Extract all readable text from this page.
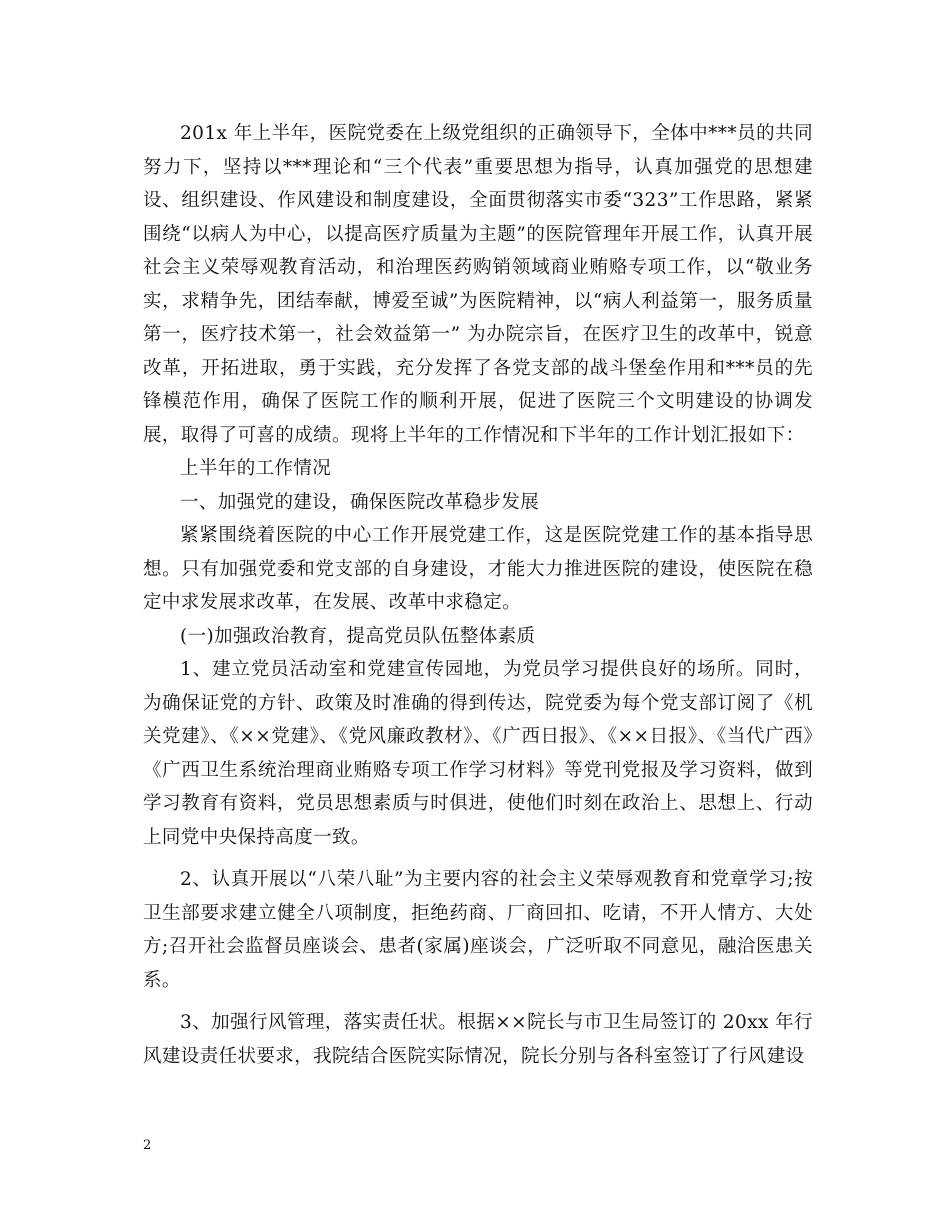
201x 年上半年，医院党委在上级党组织的正确领导下，全体中***员的共同努力下，坚持以***理论和“三个代表”重要思想为指导，认真加强党的思想建设、组织建设、作风建设和制度建设，全面贯彻落实市委“323”工作思路，紧紧围绕“以病人为中心，以提高医疗质量为主题”的医院管理年开展工作，认真开展社会主义荣辱观教育活动，和治理医药购销领域商业贿赂专项工作，以“敬业务实，求精争先，团结奉献，博爱至诚”为医院精神，以“病人利益第一，服务质量第一，医疗技术第一，社会效益第一” 为办院宗旨，在医疗卫生的改革中，锐意改革，开拓进取，勇于实践，充分发挥了各党支部的战斗堡垒作用和***员的先锋模范作用，确保了医院工作的顺利开展，促进了医院三个文明建设的协调发展，取得了可喜的成绩。现将上半年的工作情况和下半年的工作计划汇报如下：

上半年的工作情况

一、加强党的建设，确保医院改革稳步发展

紧紧围绕着医院的中心工作开展党建工作，这是医院党建工作的基本指导思想。只有加强党委和党支部的自身建设，才能大力推进医院的建设，使医院在稳定中求发展求改革，在发展、改革中求稳定。

(一)加强政治教育，提高党员队伍整体素质

1、建立党员活动室和党建宣传园地，为党员学习提供良好的场所。同时，为确保证党的方针、政策及时准确的得到传达，院党委为每个党支部订阅了《机关党建》、《××党建》、《党风廉政教材》、《广西日报》、《××日报》、《当代广西》《广西卫生系统治理商业贿赂专项工作学习材料》等党刊党报及学习资料，做到学习教育有资料，党员思想素质与时俱进，使他们时刻在政治上、思想上、行动上同党中央保持高度一致。

2、认真开展以“八荣八耻”为主要内容的社会主义荣辱观教育和党章学习;按卫生部要求建立健全八项制度，拒绝药商、厂商回扣、吃请，不开人情方、大处方;召开社会监督员座谈会、患者(家属)座谈会，广泛听取不同意见，融洽医患关系。

3、加强行风管理，落实责任状。根据××院长与市卫生局签订的 20xx 年行风建设责任状要求，我院结合医院实际情况，院长分别与各科室签订了行风建设

2
